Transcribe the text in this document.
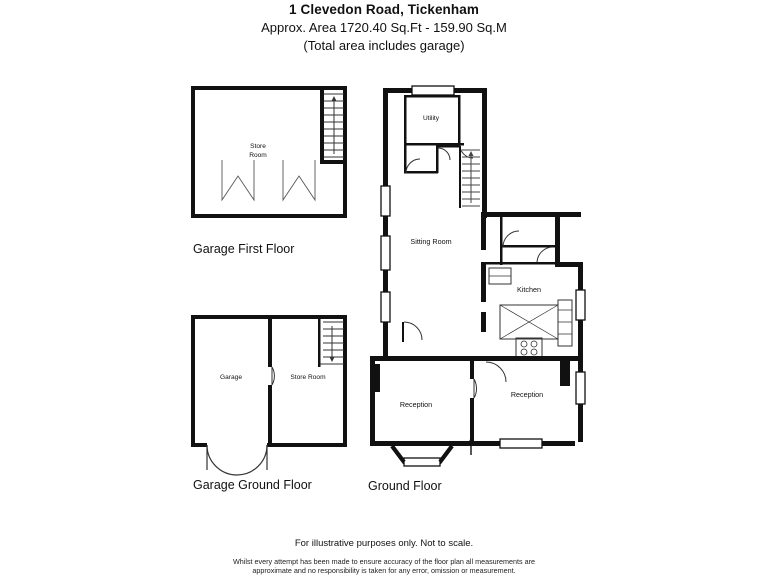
1 Clevedon Road, Tickenham
Approx. Area 1720.40 Sq.Ft - 159.90 Sq.M
(Total area includes garage)
Store
Room
Garage	Store Room
Utility
Sitting Room
Kitchen
Reception
Reception
Garage First Floor
Garage Ground Floor	Ground Floor
For illustrative purposes only. Not to scale.
Whilst every attempt has been made to ensure accuracy of the floor plan all measurements are
approximate and no responsibility is taken for any error, omission or measurement.
